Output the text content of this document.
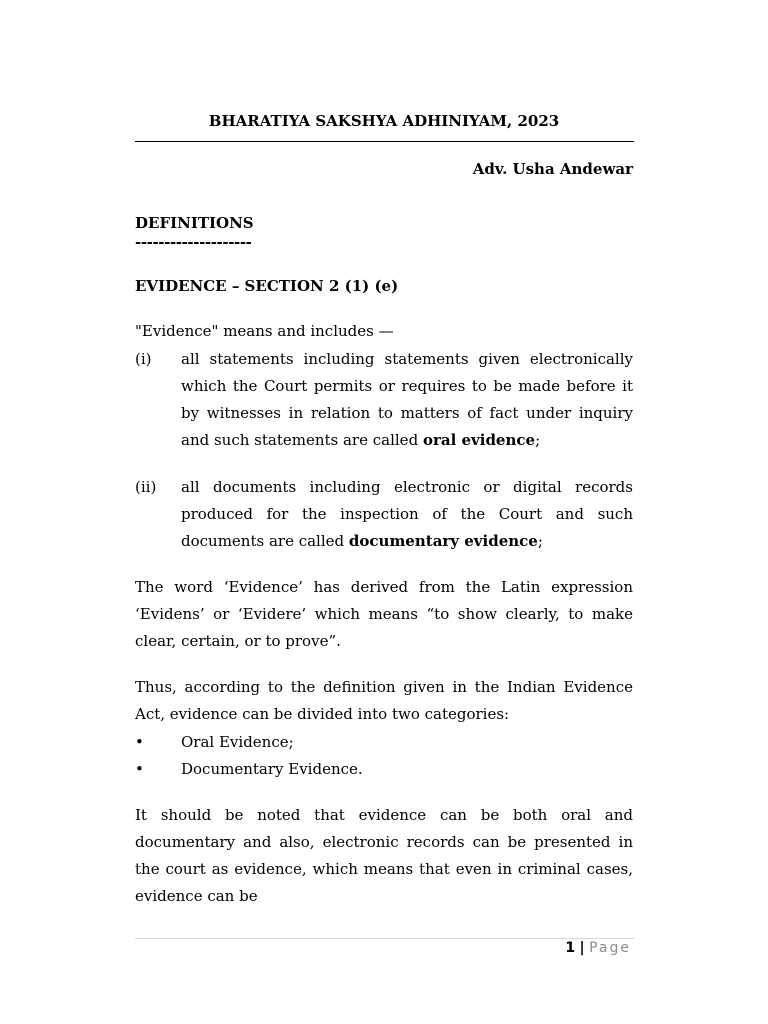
BHARATIYA SAKSHYA ADHINIYAM, 2023
Adv. Usha Andewar
DEFINITIONS
--------------------
EVIDENCE – SECTION 2 (1) (e)
"Evidence" means and includes —
(i) all statements including statements given electronically which the Court permits or requires to be made before it by witnesses in relation to matters of fact under inquiry and such statements are called oral evidence;
(ii) all documents including electronic or digital records produced for the inspection of the Court and such documents are called documentary evidence;
The word ‘Evidence’ has derived from the Latin expression ‘Evidens’ or ‘Evidere’ which means “to show clearly, to make clear, certain, or to prove”.
Thus, according to the definition given in the Indian Evidence Act, evidence can be divided into two categories:
• Oral Evidence;
• Documentary Evidence.
It should be noted that evidence can be both oral and documentary and also, electronic records can be presented in the court as evidence, which means that even in criminal cases, evidence can be
1 | Page
